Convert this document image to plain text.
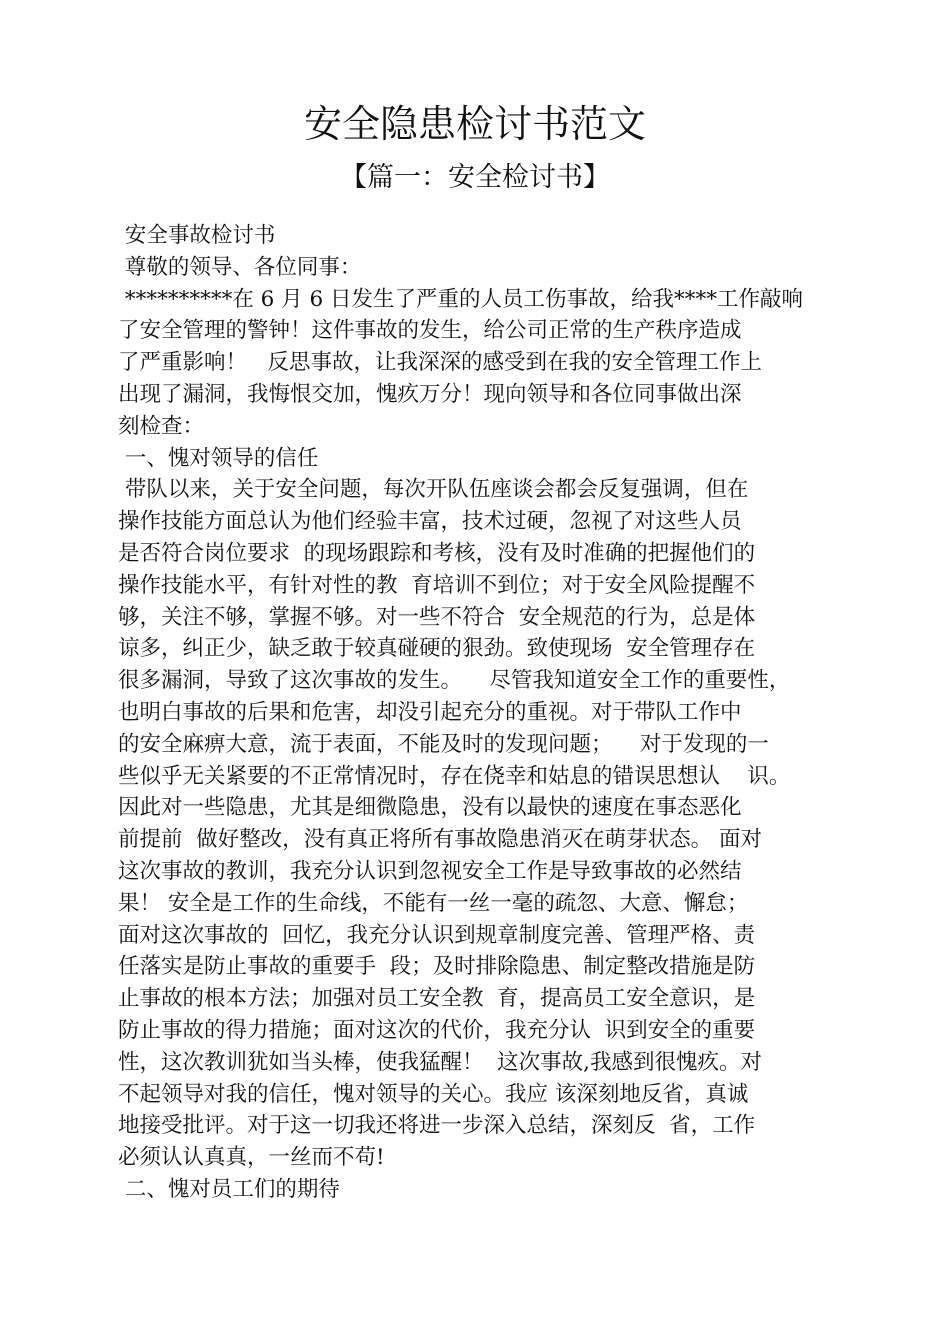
安全隐患检讨书范文
【篇一：安全检讨书】
安全事故检讨书
尊敬的领导、各位同事：
**********在 6 月 6 日发生了严重的人员工伤事故，给我****工作敲响
了安全管理的警钟！这件事故的发生，给公司正常的生产秩序造成
了严重影响！   反思事故，让我深深的感受到在我的安全管理工作上
出现了漏洞，我悔恨交加，愧疚万分！现向领导和各位同事做出深
刻检查：
一、愧对领导的信任
带队以来，关于安全问题，每次开队伍座谈会都会反复强调，但在
操作技能方面总认为他们经验丰富，技术过硬，忽视了对这些人员
是否符合岗位要求  的现场跟踪和考核，没有及时准确的把握他们的
操作技能水平，有针对性的教  育培训不到位；对于安全风险提醒不
够，关注不够，掌握不够。对一些不符合  安全规范的行为，总是体
谅多，纠正少，缺乏敢于较真碰硬的狠劲。致使现场  安全管理存在
很多漏洞，导致了这次事故的发生。    尽管我知道安全工作的重要性，
也明白事故的后果和危害，却没引起充分的重视。对于带队工作中
的安全麻痹大意，流于表面，不能及时的发现问题；    对于发现的一
些似乎无关紧要的不正常情况时，存在侥幸和姑息的错误思想认    识。
因此对一些隐患，尤其是细微隐患，没有以最快的速度在事态恶化
前提前  做好整改，没有真正将所有事故隐患消灭在萌芽状态。 面对
这次事故的教训，我充分认识到忽视安全工作是导致事故的必然结
果！ 安全是工作的生命线，不能有一丝一毫的疏忽、大意、懈怠；
面对这次事故的  回忆，我充分认识到规章制度完善、管理严格、责
任落实是防止事故的重要手  段；及时排除隐患、制定整改措施是防
止事故的根本方法；加强对员工安全教  育，提高员工安全意识，是
防止事故的得力措施；面对这次的代价，我充分认  识到安全的重要
性，这次教训犹如当头棒，使我猛醒！  这次事故,我感到很愧疚。对
不起领导对我的信任，愧对领导的关心。我应 该深刻地反省，真诚
地接受批评。对于这一切我还将进一步深入总结，深刻反  省，工作
必须认认真真，一丝而不苟!
二、愧对员工们的期待
